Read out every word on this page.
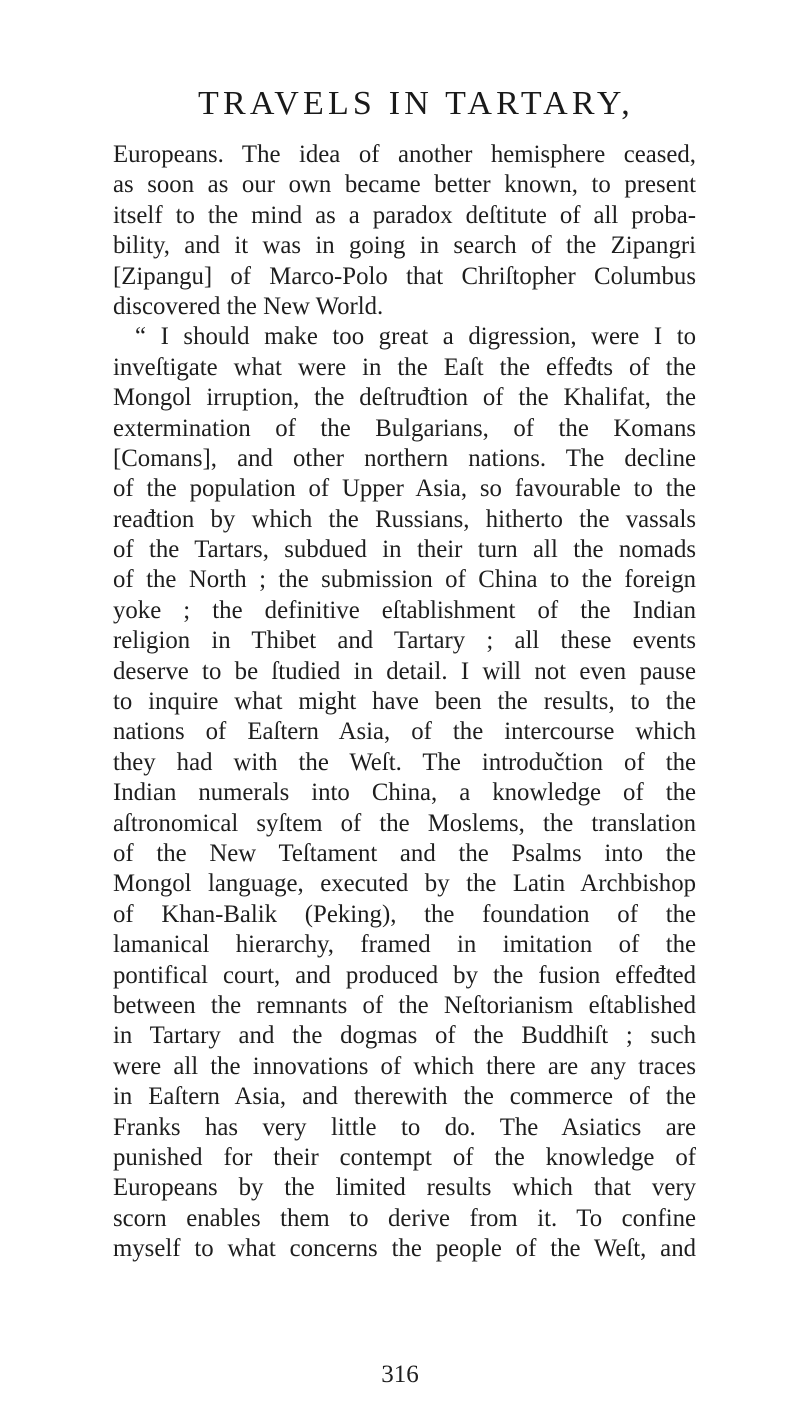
TRAVELS IN TARTARY,
Europeans. The idea of another hemisphere ceased,
as soon as our own became better known, to present
itself to the mind as a paradox deſtitute of all proba-
bility, and it was in going in search of the Zipangri
[Zipangu] of Marco-Polo that Chriſtopher Columbus
discovered the New World.
“ I should make too great a digression, were I to
inveſtigate what were in the Eaſt the effeđts of the
Mongol irruption, the deſtruđtion of the Khalifat, the
extermination of the Bulgarians, of the Komans
[Comans], and other northern nations. The decline
of the population of Upper Asia, so favourable to the
reađtion by which the Russians, hitherto the vassals
of the Tartars, subdued in their turn all the nomads
of the North ; the submission of China to the foreign
yoke ; the definitive eſtablishment of the Indian
religion in Thibet and Tartary ; all these events
deserve to be ſtudied in detail. I will not even pause
to inquire what might have been the results, to the
nations of Eaſtern Asia, of the intercourse which
they had with the Weſt. The introdučtion of the
Indian numerals into China, a knowledge of the
aſtronomical syſtem of the Moslems, the translation
of the New Teſtament and the Psalms into the
Mongol language, executed by the Latin Archbishop
of Khan-Balik (Peking), the foundation of the
lamanical hierarchy, framed in imitation of the
pontifical court, and produced by the fusion effeđted
between the remnants of the Neſtorianism eſtablished
in Tartary and the dogmas of the Buddhiſt ; such
were all the innovations of which there are any traces
in Eaſtern Asia, and therewith the commerce of the
Franks has very little to do. The Asiatics are
punished for their contempt of the knowledge of
Europeans by the limited results which that very
scorn enables them to derive from it. To confine
myself to what concerns the people of the Weſt, and
316
